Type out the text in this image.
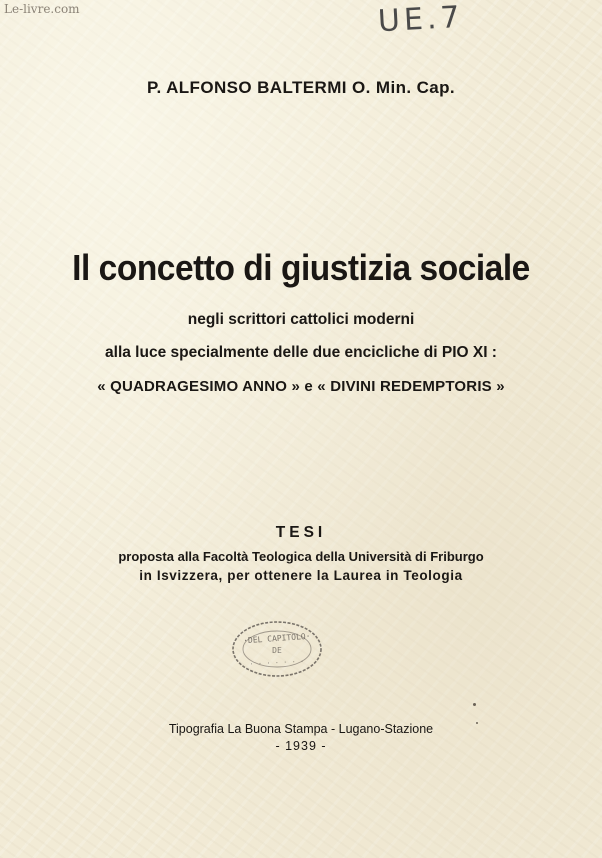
Le-livre.com	UE.7
P. ALFONSO BALTERMI O. Min. Cap.
Il concetto di giustizia sociale
negli scrittori cattolici moderni
alla luce specialmente delle due encicliche di PIO XI :
« QUADRAGESIMO ANNO » e « DIVINI REDEMPTORIS »
TESI
proposta alla Facoltà Teologica della Università di Friburgo
in Isvizzera, per ottenere la Laurea in Teologia
·DEL CAPITOLO·
DE
· · · · · · ·
Tipografia La Buona Stampa - Lugano-Stazione
- 1939 -
